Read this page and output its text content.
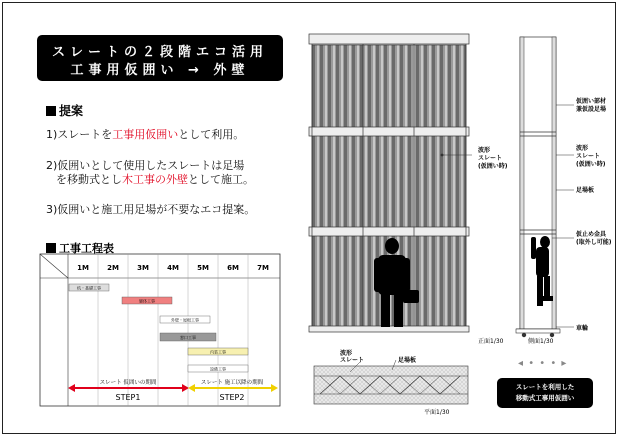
スレートの２段階エコ活用
工事用仮囲い → 外壁
提案
1)スレートを工事用仮囲いとして利用。
2)仮囲いとして使用したスレートは足場
を移動式とし木工事の外壁として施工。
3)仮囲いと施工用足場が不要なエコ提案。
工事工程表
1M	2M	3M	4M	5M	6M	7M
杭・基礎工事
躯体工事
外壁・屋根工事
窓口工事
内装工事
設備工事
スレート 仮囲いの期間	スレート 施工以降の期間
STEP1	STEP2
正面1/30
波形
スレート
(仮囲い時)
側面1/30
仮囲い部材
兼仮設足場
波形
スレート
(仮囲い時)
足場板
仮止め金具
(取外し可能)
車輪
波形
スレート	足場板
平面1/30
◂ • • • ▸
スレートを利用した
移動式工事用仮囲い
